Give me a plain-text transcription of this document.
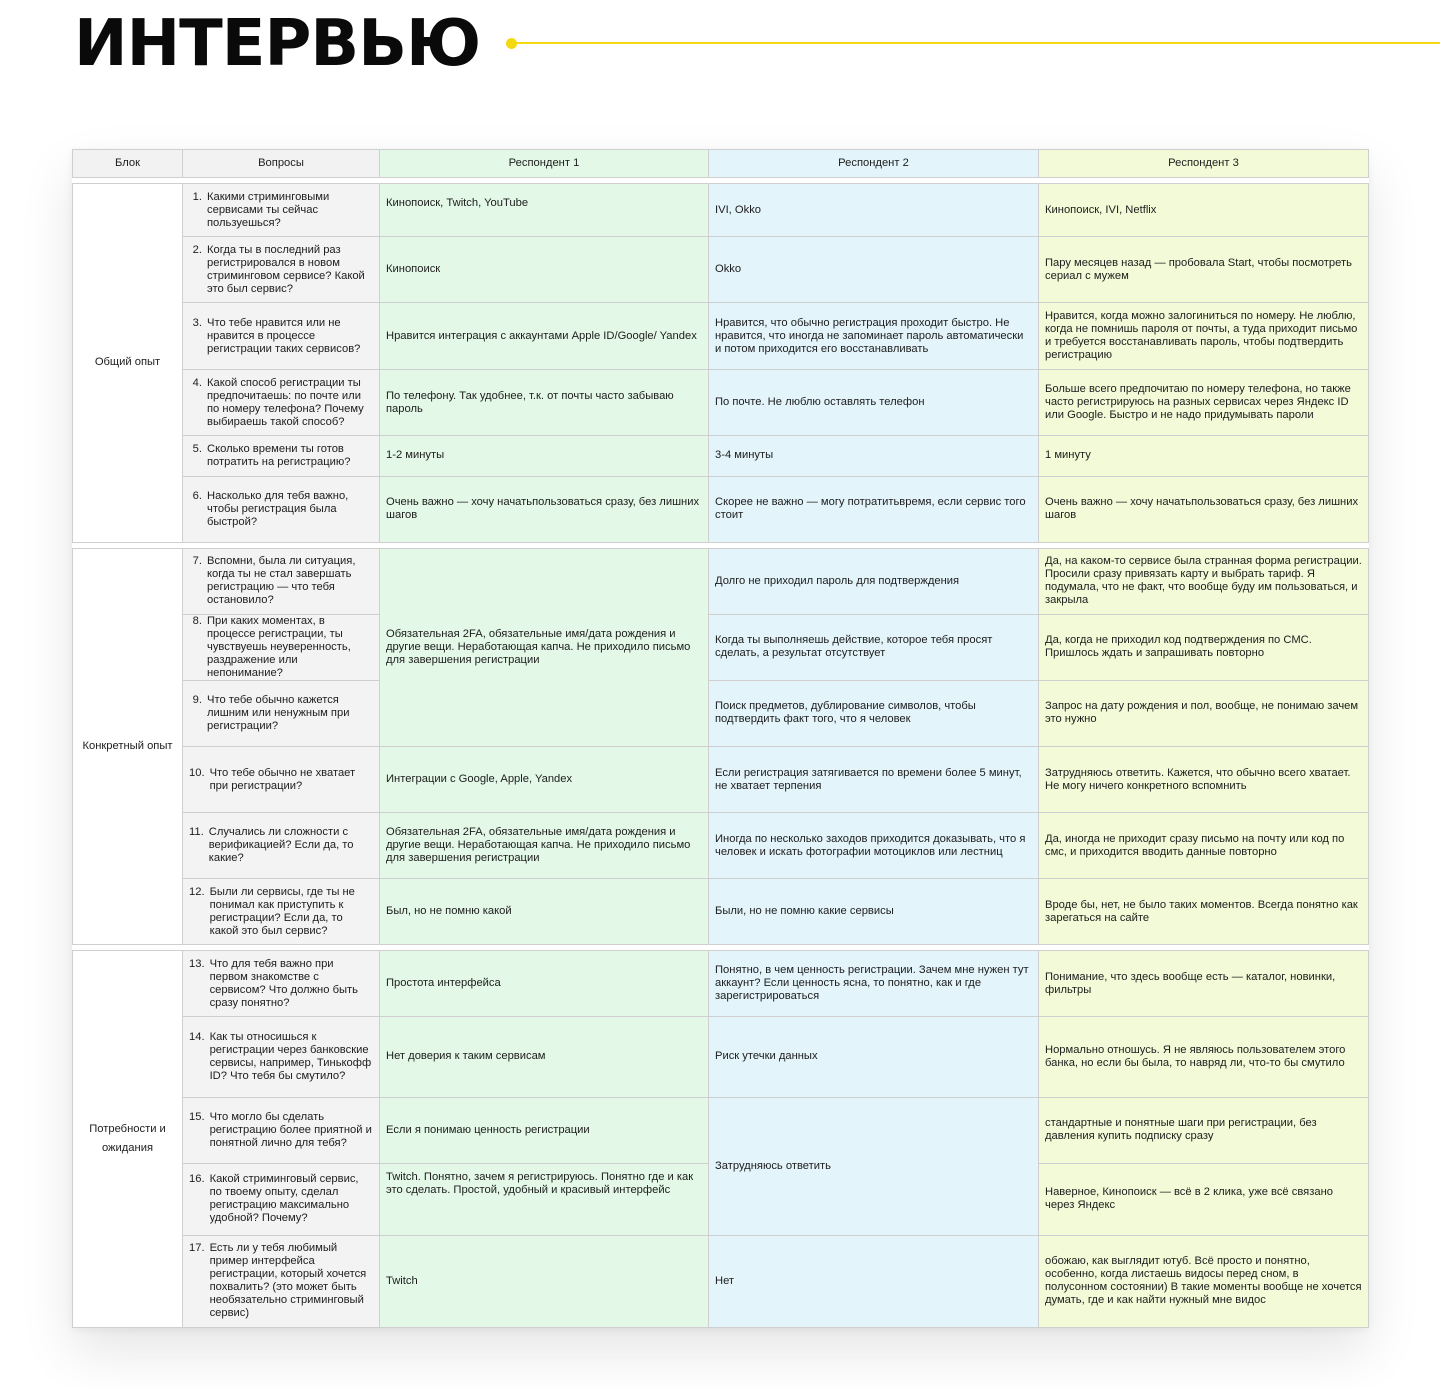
ИНТЕРВЬЮ
Блок	Вопросы	Респондент 1	Респондент 2	Респондент 3

Общий опыт	1. Какими стриминговыми сервисами ты сейчас пользуешься?	Кинопоиск, Twitch, YouTube	IVI, Okko	Кинопоиск, IVI, Netflix

	2. Когда ты в последний раз регистрировался в новом стриминговом сервисе? Какой это был сервис?	Кинопоиск	Okko	Пару месяцев назад — пробовала Start, чтобы посмотреть сериал с мужем

	3. Что тебе нравится или не нравится в процессе регистрации таких сервисов?	Нравится интеграция с аккаунтами Apple ID/Google/ Yandex	Нравится, что обычно регистрация проходит быстро. Не нравится, что иногда не запоминает пароль автоматически и потом приходится его восстанавливать	Нравится, когда можно залогиниться по номеру. Не люблю, когда не помнишь пароля от почты, а туда приходит письмо и требуется восстанавливать пароль, чтобы подтвердить регистрацию

	4. Какой способ регистрации ты предпочитаешь: по почте или по номеру телефона? Почему выбираешь такой способ?	По телефону. Так удобнее, т.к. от почты часто забываю пароль	По почте. Не люблю оставлять телефон	Больше всего предпочитаю по номеру телефона, но также часто регистрируюсь на разных сервисах через Яндекс ID или Google. Быстро и не надо придумывать пароли

	5. Сколько времени ты готов потратить на регистрацию?	1-2 минуты	3-4 минуты	1 минуту

	6. Насколько для тебя важно, чтобы регистрация была быстрой?	Очень важно — хочу начатьпользоваться сразу, без лишних шагов	Скорее не важно — могу потратитьвремя, если сервис того стоит	Очень важно — хочу начатьпользоваться сразу, без лишних шагов

Конкретный опыт	7. Вспомни, была ли ситуация, когда ты не стал завершать регистрацию — что тебя остановило?	Обязательная 2FA, обязательные имя/дата рождения и другие вещи. Неработающая капча. Не приходило письмо для завершения регистрации	Долго не приходил пароль для подтверждения	Да, на каком-то сервисе была странная форма регистрации. Просили сразу привязать карту и выбрать тариф. Я подумала, что не факт, что вообще буду им пользоваться, и закрыла

	8. При каких моментах, в процессе регистрации, ты чувствуешь неуверенность, раздражение или непонимание?		Когда ты выполняешь действие, которое тебя просят сделать, а результат отсутствует	Да, когда не приходил код подтверждения по СМС. Пришлось ждать и запрашивать повторно

	9. Что тебе обычно кажется лишним или ненужным при регистрации?		Поиск предметов, дублирование символов, чтобы подтвердить факт того, что я человек	Запрос на дату рождения и пол, вообще, не понимаю зачем это нужно

	10. Что тебе обычно не хватает при регистрации?	Интеграции с Google, Apple, Yandex	Если регистрация затягивается по времени более 5 минут, не хватает терпения	Затрудняюсь ответить. Кажется, что обычно всего хватает. Не могу ничего конкретного вспомнить

	11. Случались ли сложности с верификацией? Если да, то какие?	Обязательная 2FA, обязательные имя/дата рождения и другие вещи. Неработающая капча. Не приходило письмо для завершения регистрации	Иногда по несколько заходов приходится доказывать, что я человек и искать фотографии мотоциклов или лестниц	Да, иногда не приходит сразу письмо на почту или код по смс, и приходится вводить данные повторно

	12. Были ли сервисы, где ты не понимал как приступить к регистрации? Если да, то какой это был сервис?	Был, но не помню какой	Были, но не помню какие сервисы	Вроде бы, нет, не было таких моментов. Всегда понятно как зарегаться на сайте

Потребности и ожидания	13. Что для тебя важно при первом знакомстве с сервисом? Что должно быть сразу понятно?	Простота интерфейса	Понятно, в чем ценность регистрации. Зачем мне нужен тут аккаунт? Если ценность ясна, то понятно, как и где зарегистрироваться	Понимание, что здесь вообще есть — каталог, новинки, фильтры

	14. Как ты относишься к регистрации через банковские сервисы, например, Тинькофф ID? Что тебя бы смутило?	Нет доверия к таким сервисам	Риск утечки данных	Нормально отношусь. Я не являюсь пользователем этого банка, но если бы была, то навряд ли, что-то бы смутило

	15. Что могло бы сделать регистрацию более приятной и понятной лично для тебя?	Если я понимаю ценность регистрации	Затрудняюсь ответить	стандартные и понятные шаги при регистрации, без давления купить подписку сразу

	16. Какой стриминговый сервис, по твоему опыту, сделал регистрацию максимально удобной? Почему?	Twitch. Понятно, зачем я регистрируюсь. Понятно где и как это сделать. Простой, удобный и красивый интерфейс		Наверное, Кинопоиск — всё в 2 клика, уже всё связано через Яндекс

	17. Есть ли у тебя любимый пример интерфейса регистрации, который хочется похвалить? (это может быть необязательно стриминговый сервис)	Twitch	Нет	обожаю, как выглядит ютуб. Всё просто и понятно, особенно, когда листаешь видосы перед сном, в полусонном состоянии) В такие моменты вообще не хочется думать, где и как найти нужный мне видос
